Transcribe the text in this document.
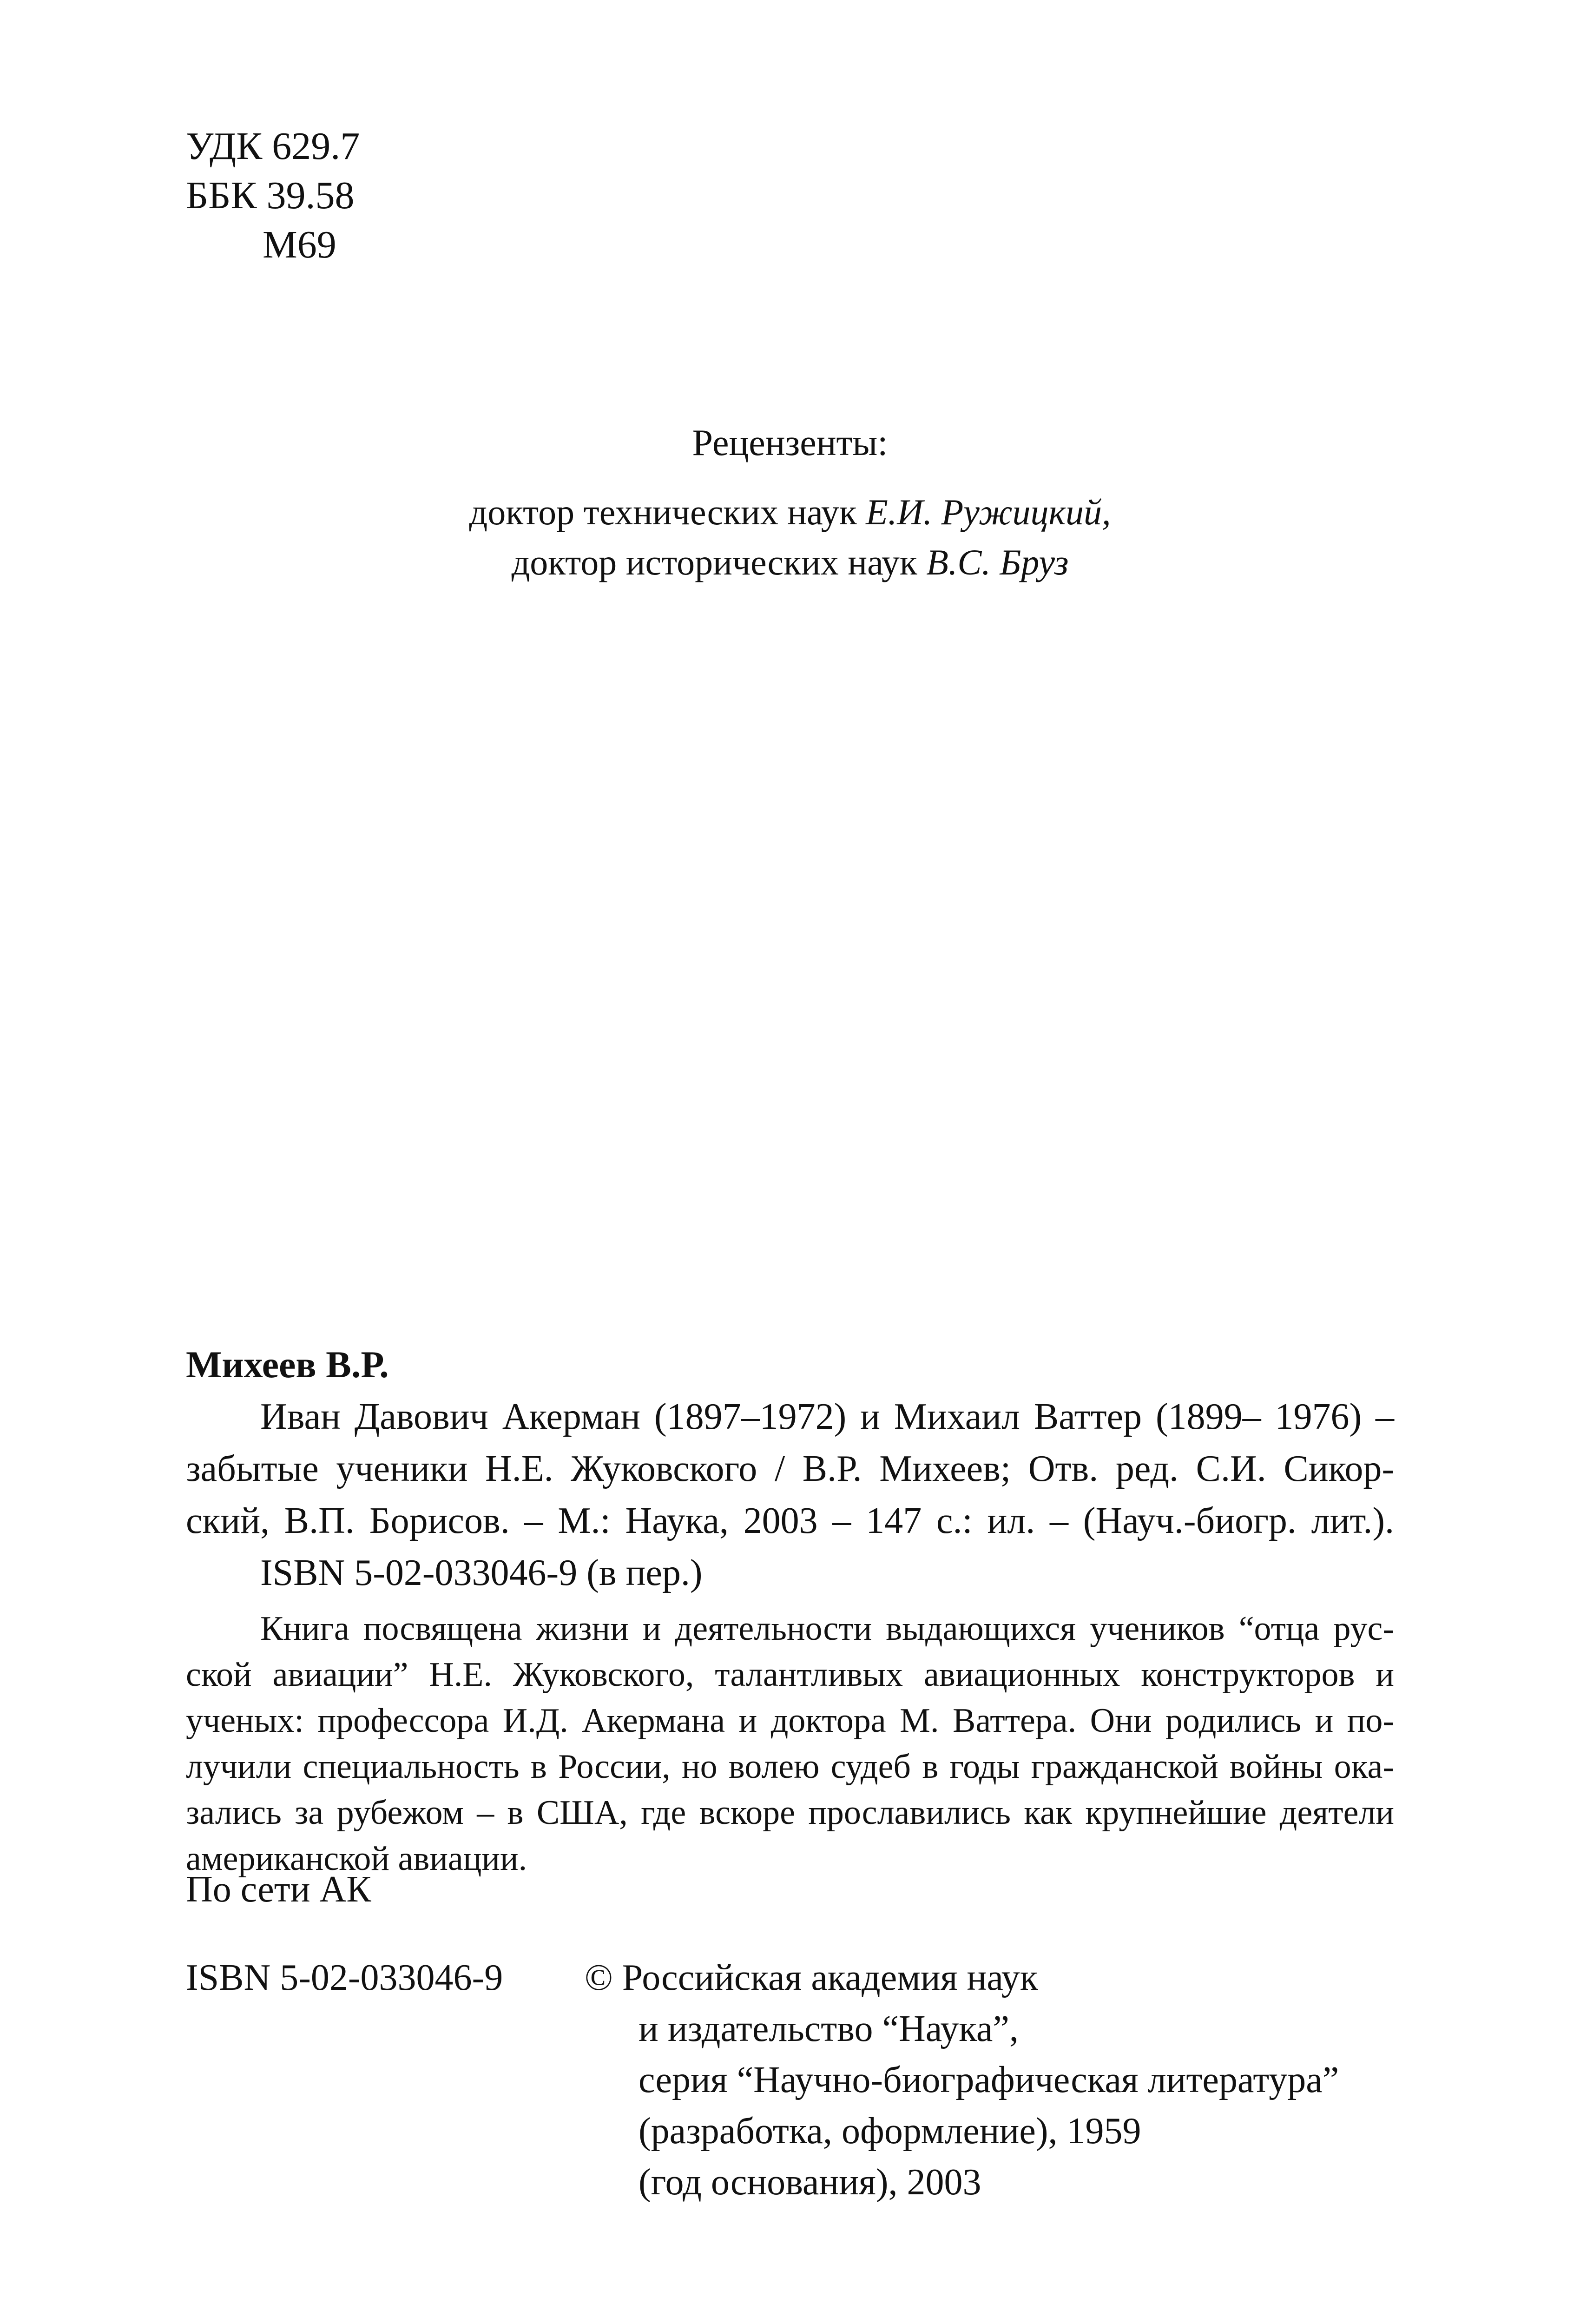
УДК 629.7
ББК 39.58
М69
Рецензенты:
доктор технических наук Е.И. Ружицкий,
доктор исторических наук В.С. Бруз
Михеев В.Р.
Иван Давович Акерман (1897–1972) и Михаил Ваттер (1899– 1976) –
забытые ученики Н.Е. Жуковского / В.Р. Михеев; Отв. ред. С.И. Сикор-
ский, В.П. Борисов. – М.: Наука, 2003 – 147 с.: ил. – (Науч.-биогр. лит.).
ISBN 5-02-033046-9 (в пер.)
Книга посвящена жизни и деятельности выдающихся учеников “отца рус-
ской авиации” Н.Е. Жуковского, талантливых авиационных конструкторов и
ученых: профессора И.Д. Акермана и доктора М. Ваттера. Они родились и по-
лучили специальность в России, но волею судеб в годы гражданской войны ока-
зались за рубежом – в США, где вскоре прославились как крупнейшие деятели
американской авиации.
По сети АК
ISBN 5-02-033046-9 © Российская академия наук
и издательство “Наука”,
серия “Научно-биографическая литература”
(разработка, оформление), 1959
(год основания), 2003
